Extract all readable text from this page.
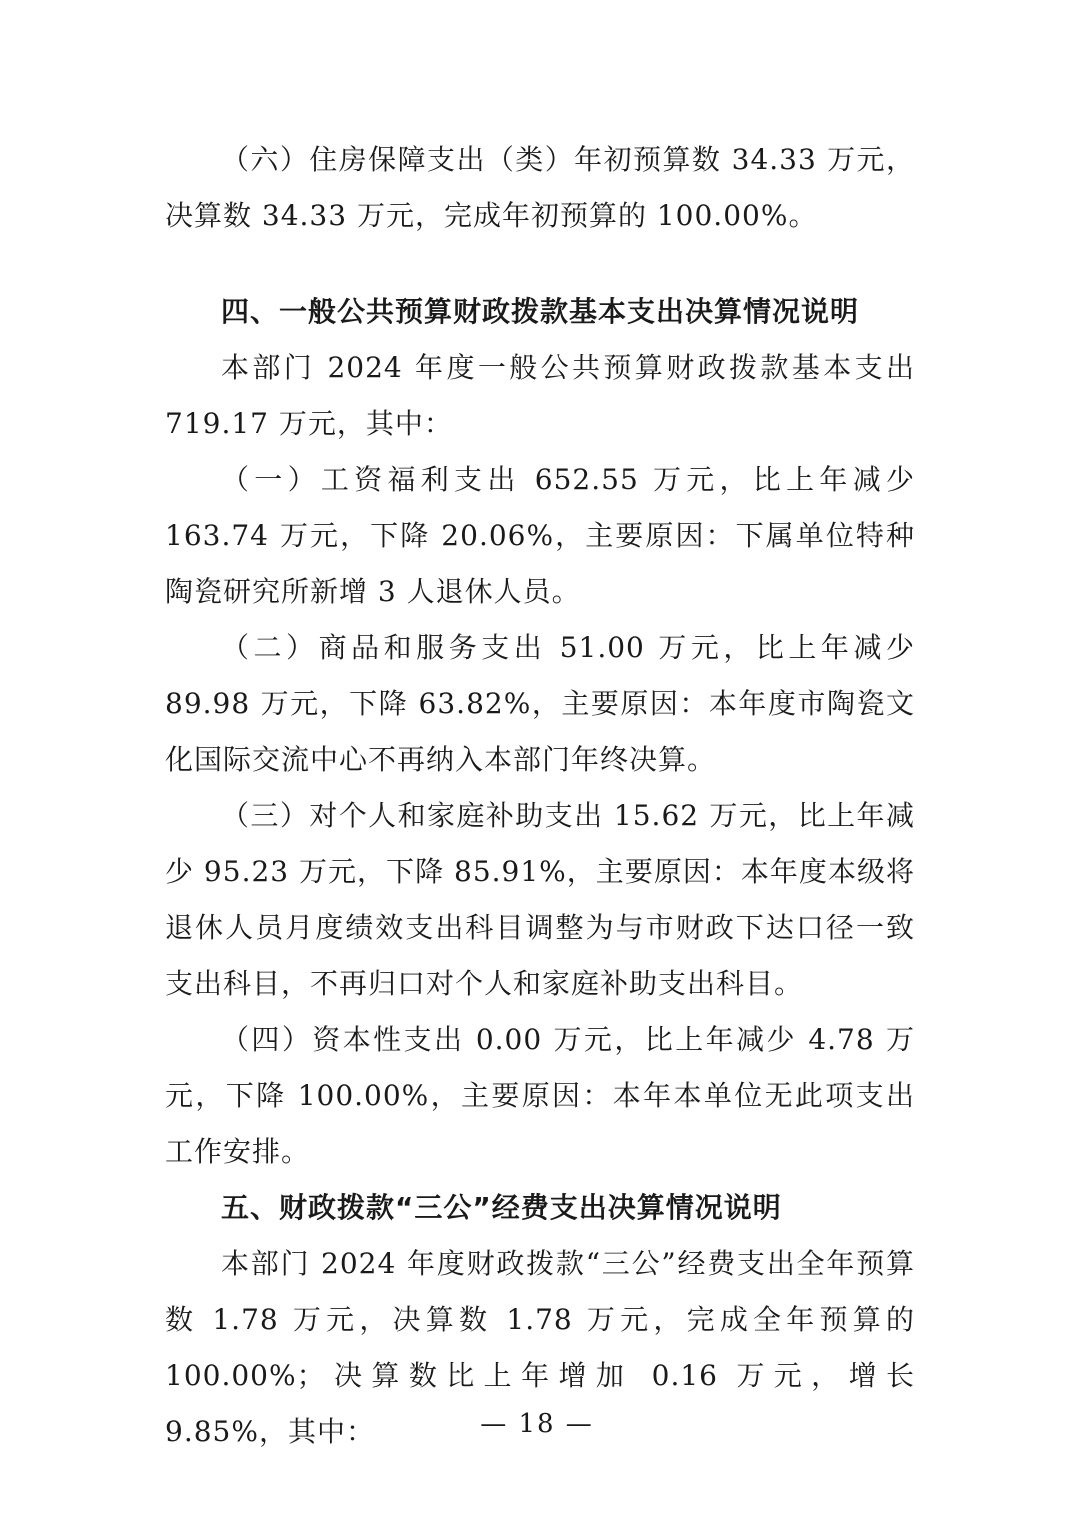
（六）住房保障支出（类）年初预算数 34.33 万元，决算数 34.33 万元，完成年初预算的 100.00%。

四、一般公共预算财政拨款基本支出决算情况说明

本部门 2024 年度一般公共预算财政拨款基本支出 719.17 万元，其中：

（一）工资福利支出 652.55 万元，比上年减少 163.74 万元，下降 20.06%，主要原因：下属单位特种陶瓷研究所新增 3 人退休人员。

（二）商品和服务支出 51.00 万元，比上年减少 89.98 万元，下降 63.82%，主要原因：本年度市陶瓷文化国际交流中心不再纳入本部门年终决算。

（三）对个人和家庭补助支出 15.62 万元，比上年减少 95.23 万元，下降 85.91%，主要原因：本年度本级将退休人员月度绩效支出科目调整为与市财政下达口径一致支出科目，不再归口对个人和家庭补助支出科目。

（四）资本性支出 0.00 万元，比上年减少 4.78 万元，下降 100.00%，主要原因：本年本单位无此项支出工作安排。

五、财政拨款“三公”经费支出决算情况说明

本部门 2024 年度财政拨款“三公”经费支出全年预算数 1.78 万元，决算数 1.78 万元，完成全年预算的 100.00%；决算数比上年增加 0.16 万元，增长 9.85%，其中：	— 18 —
